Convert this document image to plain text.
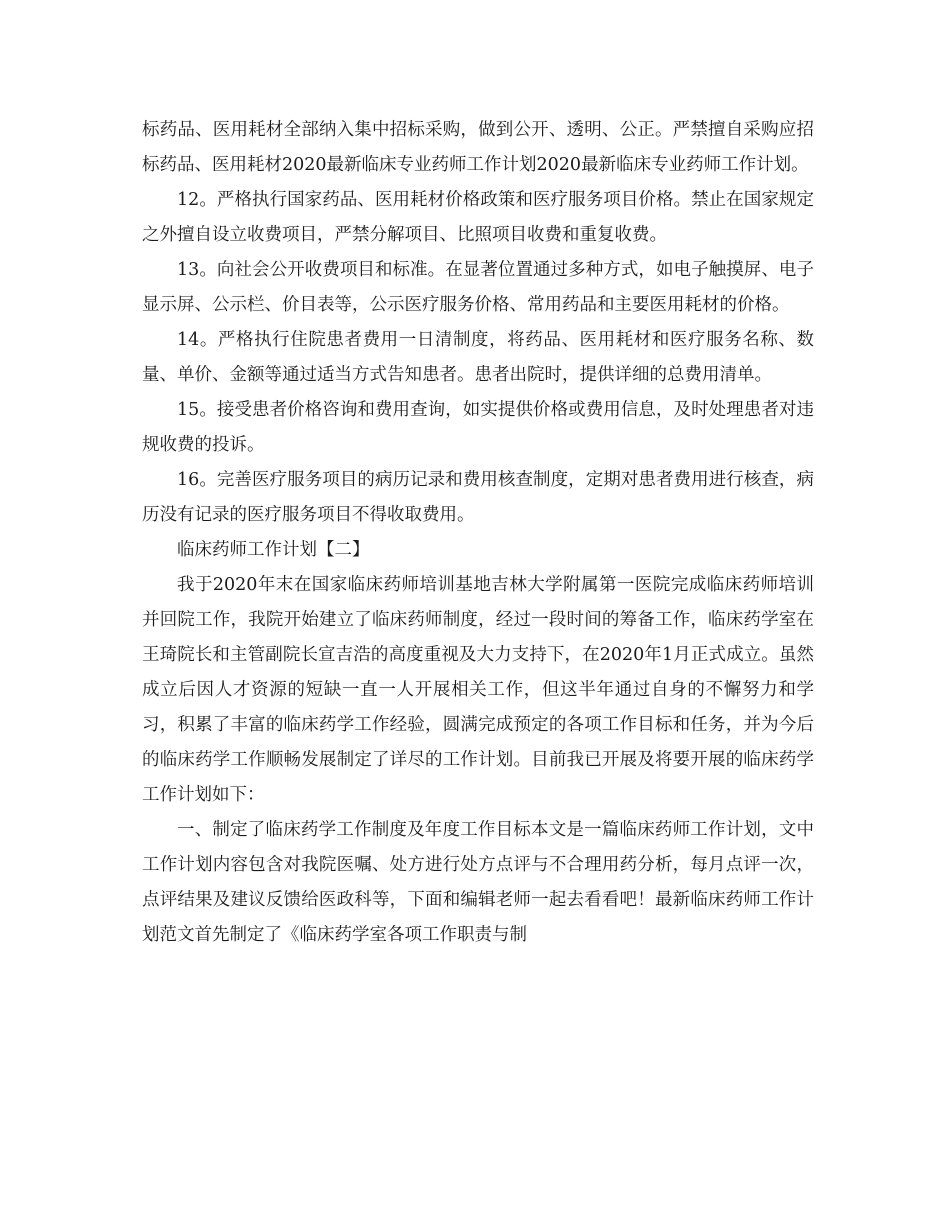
标药品、医用耗材全部纳入集中招标采购，做到公开、透明、公正。严禁擅自采购应招标药品、医用耗材2020最新临床专业药师工作计划2020最新临床专业药师工作计划。

12。严格执行国家药品、医用耗材价格政策和医疗服务项目价格。禁止在国家规定之外擅自设立收费项目，严禁分解项目、比照项目收费和重复收费。

13。向社会公开收费项目和标准。在显著位置通过多种方式，如电子触摸屏、电子显示屏、公示栏、价目表等，公示医疗服务价格、常用药品和主要医用耗材的价格。

14。严格执行住院患者费用一日清制度，将药品、医用耗材和医疗服务名称、数量、单价、金额等通过适当方式告知患者。患者出院时，提供详细的总费用清单。

15。接受患者价格咨询和费用查询，如实提供价格或费用信息，及时处理患者对违规收费的投诉。

16。完善医疗服务项目的病历记录和费用核查制度，定期对患者费用进行核查，病历没有记录的医疗服务项目不得收取费用。

临床药师工作计划【二】

我于2020年末在国家临床药师培训基地吉林大学附属第一医院完成临床药师培训并回院工作，我院开始建立了临床药师制度，经过一段时间的筹备工作，临床药学室在王琦院长和主管副院长宣吉浩的高度重视及大力支持下，在2020年1月正式成立。虽然成立后因人才资源的短缺一直一人开展相关工作，但这半年通过自身的不懈努力和学习，积累了丰富的临床药学工作经验，圆满完成预定的各项工作目标和任务，并为今后的临床药学工作顺畅发展制定了详尽的工作计划。目前我已开展及将要开展的临床药学工作计划如下：

一、制定了临床药学工作制度及年度工作目标本文是一篇临床药师工作计划，文中工作计划内容包含对我院医嘱、处方进行处方点评与不合理用药分析，每月点评一次，点评结果及建议反馈给医政科等，下面和编辑老师一起去看看吧！最新临床药师工作计划范文首先制定了《临床药学室各项工作职责与制
